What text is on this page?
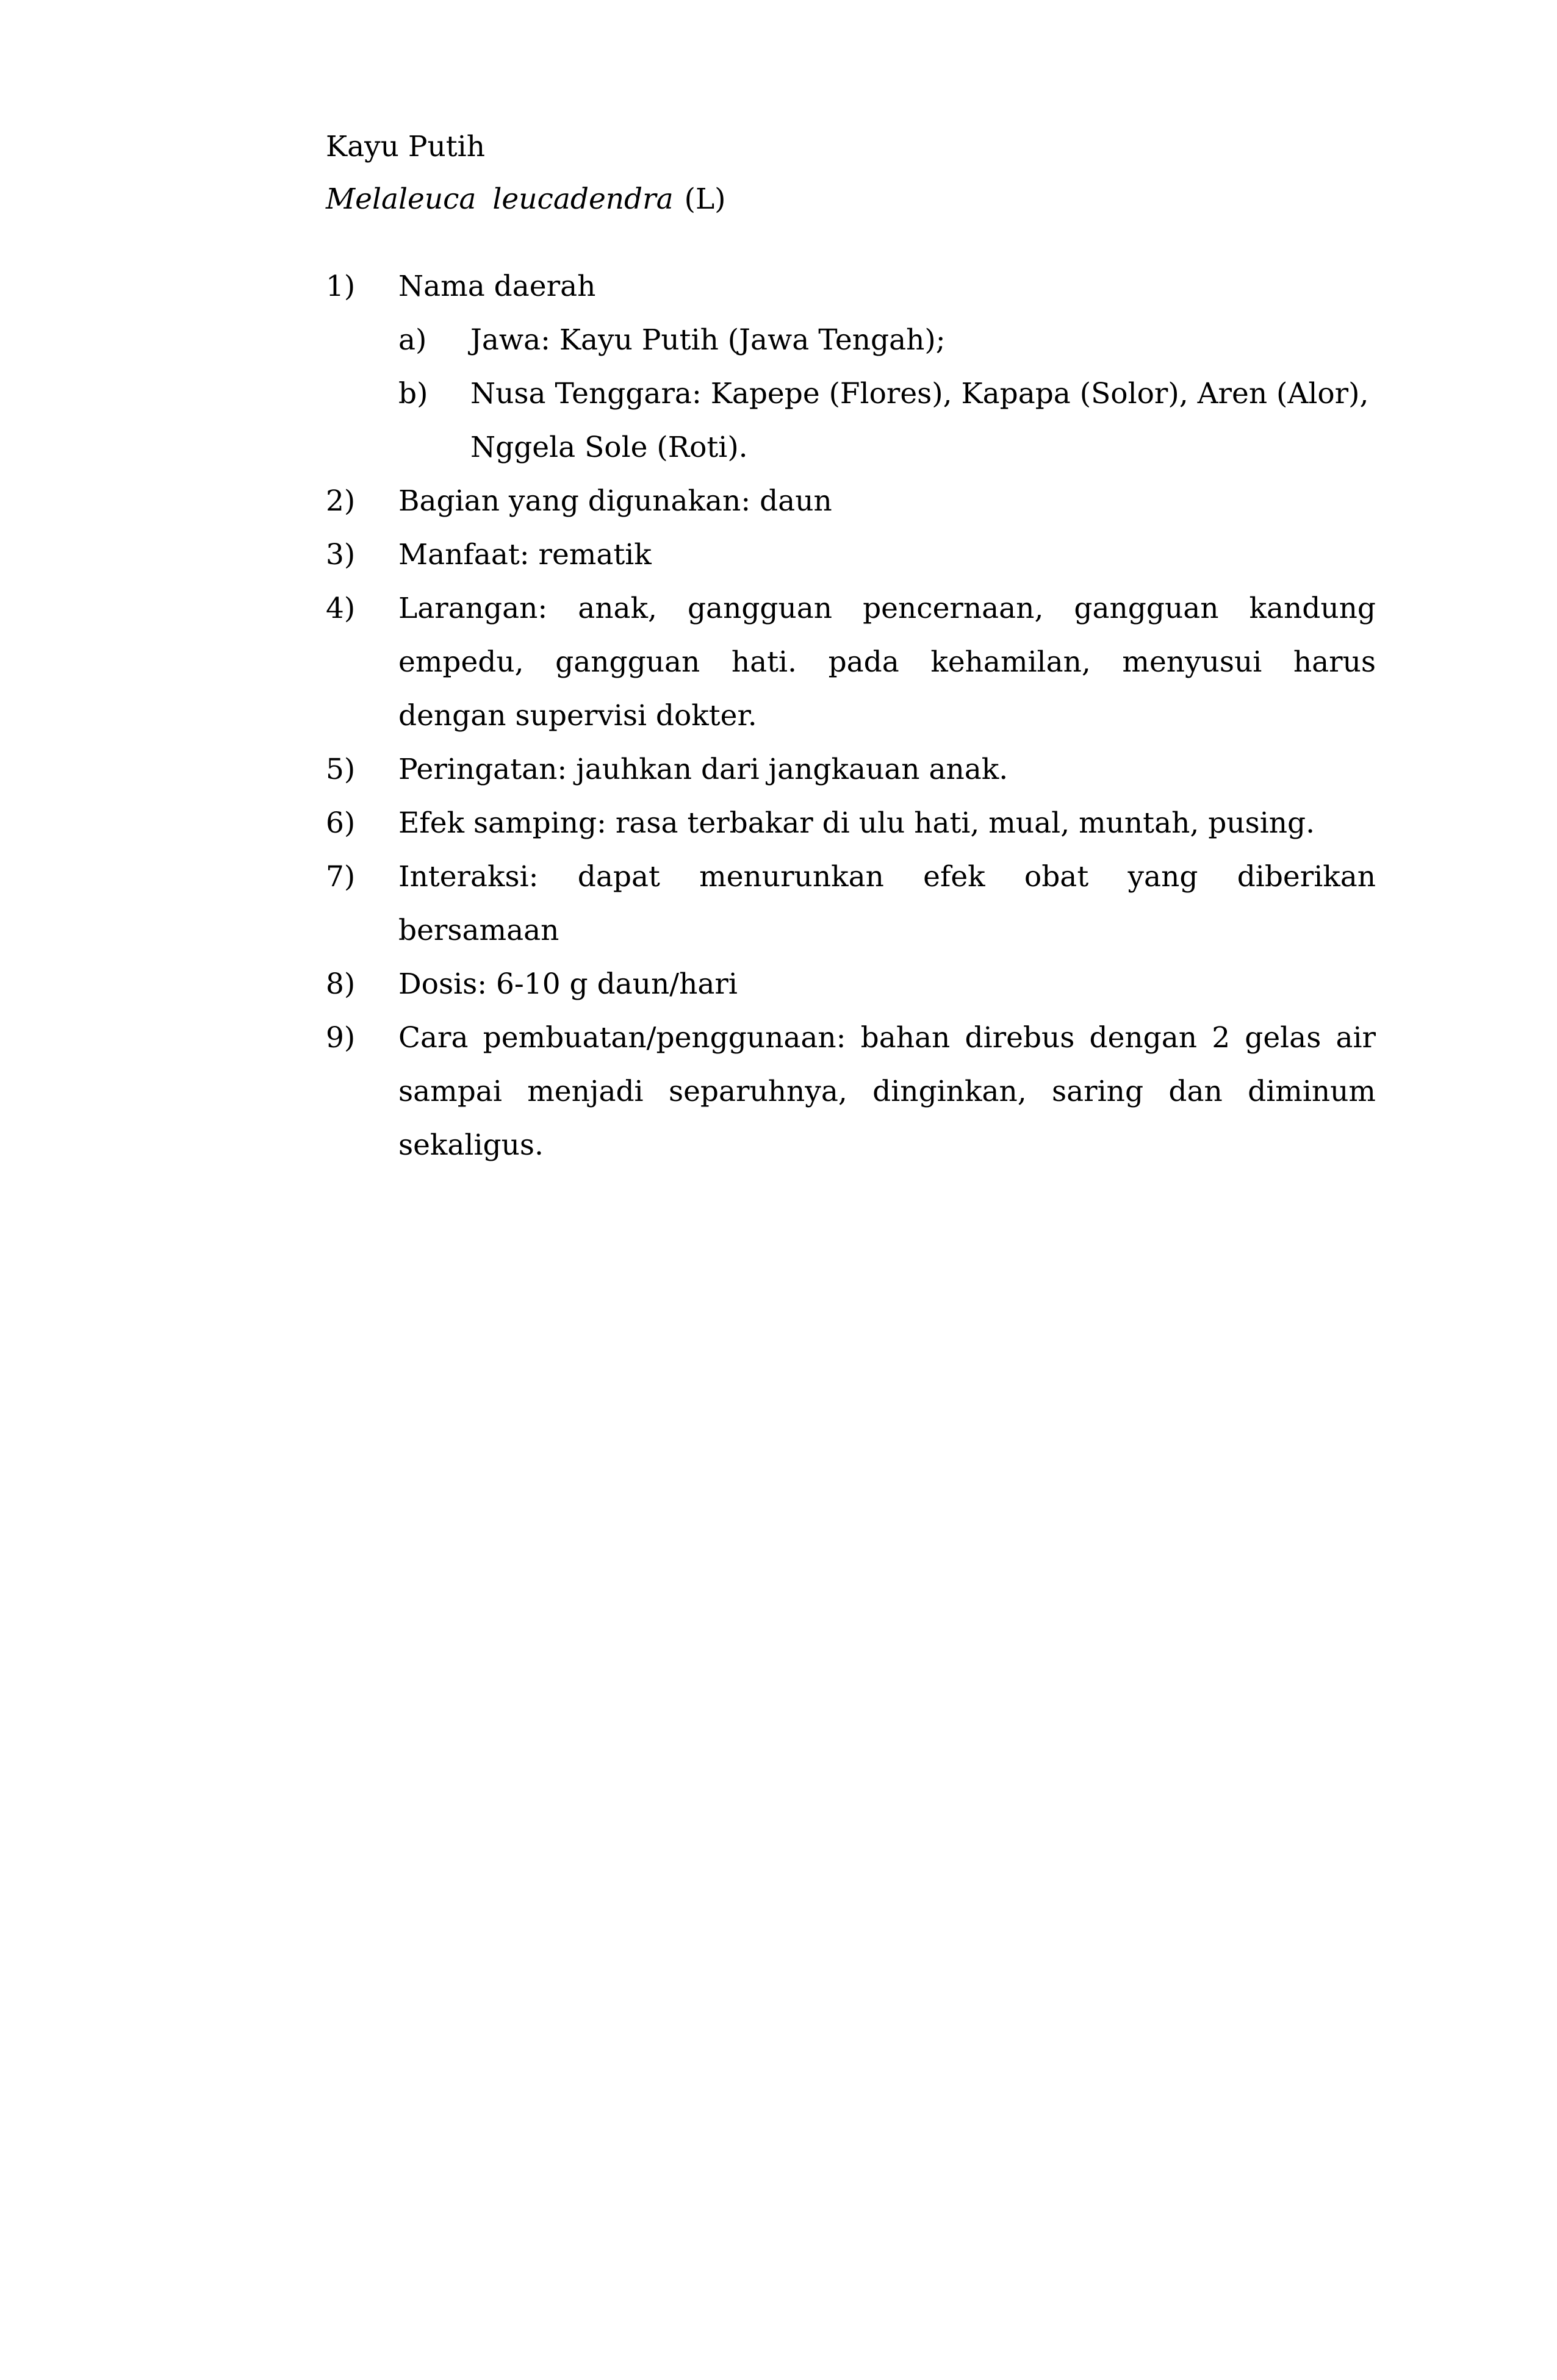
Kayu Putih
Melaleuca leucadendra (L)
1) Nama daerah
a) Jawa: Kayu Putih (Jawa Tengah);
b) Nusa Tenggara: Kapepe (Flores), Kapapa (Solor), Aren (Alor),
Nggela Sole (Roti).
2) Bagian yang digunakan: daun
3) Manfaat: rematik
4) Larangan: anak, gangguan pencernaan, gangguan kandung
empedu, gangguan hati. pada kehamilan, menyusui harus
dengan supervisi dokter.
5) Peringatan: jauhkan dari jangkauan anak.
6) Efek samping: rasa terbakar di ulu hati, mual, muntah, pusing.
7) Interaksi: dapat menurunkan efek obat yang diberikan
bersamaan
8) Dosis: 6-10 g daun/hari
9) Cara pembuatan/penggunaan: bahan direbus dengan 2 gelas air
sampai menjadi separuhnya, dinginkan, saring dan diminum
sekaligus.
